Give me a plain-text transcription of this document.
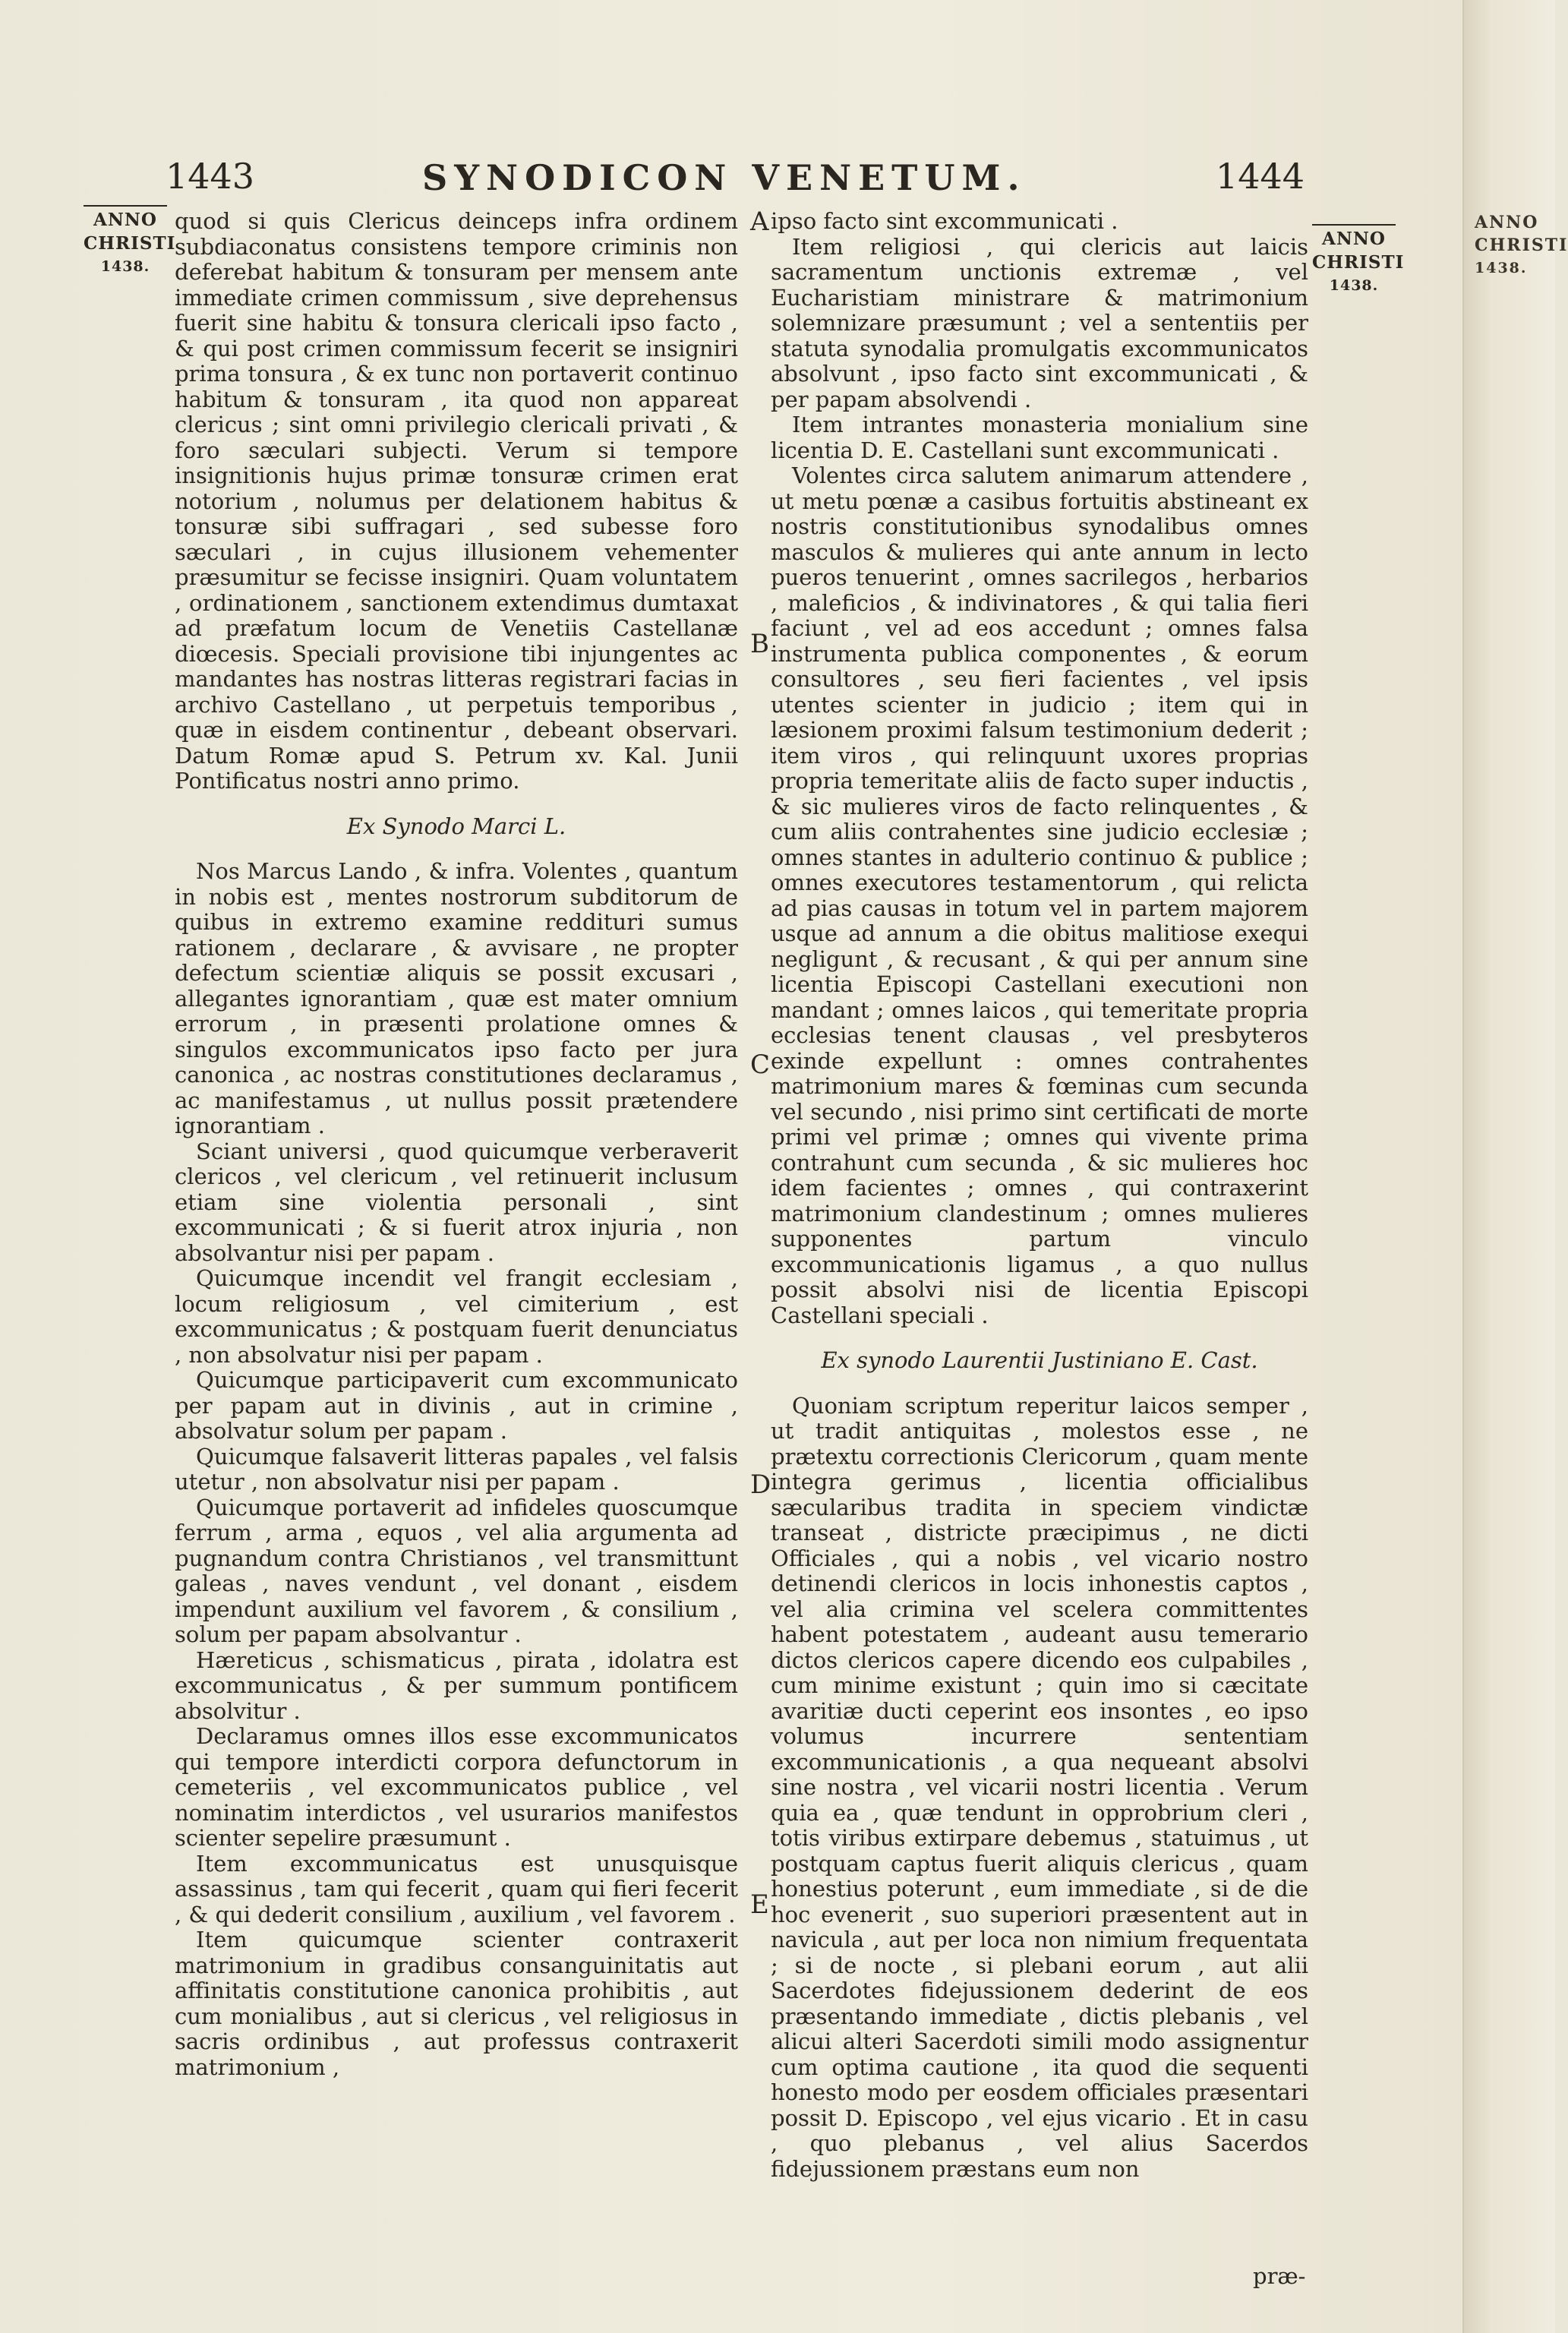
ANNO
CHRISTI
1438.
1443	SYNODICON VENETUM.	1444
ANNO
CHRISTI
1438.
ANNO
CHRISTI
1438.
A
B
C
D
E

quod si quis Clericus deinceps infra ordinem subdiaconatus consistens tempore criminis non deferebat habitum & tonsuram per mensem ante immediate crimen commissum , sive deprehensus fuerit sine habitu & tonsura clericali ipso facto , & qui post crimen commissum fecerit se insigniri prima tonsura , & ex tunc non portaverit continuo habitum & tonsuram , ita quod non appareat clericus ; sint omni privilegio clericali privati , & foro sæculari subjecti. Verum si tempore insignitionis hujus primæ tonsuræ crimen erat notorium , nolumus per delationem habitus & tonsuræ sibi suffragari , sed subesse foro sæculari , in cujus illusionem vehementer præsumitur se fecisse insigniri. Quam voluntatem , ordinationem , sanctionem extendimus dumtaxat ad præfatum locum de Venetiis Castellanæ diœcesis. Speciali provisione tibi injungentes ac mandantes has nostras litteras registrari facias in archivo Castellano , ut perpetuis temporibus , quæ in eisdem continentur , debeant observari. Datum Romæ apud S. Petrum xv. Kal. Junii Pontificatus nostri anno primo.

Ex Synodo Marci L.

Nos Marcus Lando , & infra. Volentes , quantum in nobis est , mentes nostrorum subditorum de quibus in extremo examine reddituri sumus rationem , declarare , & avvisare , ne propter defectum scientiæ aliquis se possit excusari , allegantes ignorantiam , quæ est mater omnium errorum , in præsenti prolatione omnes & singulos excommunicatos ipso facto per jura canonica , ac nostras constitutiones declaramus , ac manifestamus , ut nullus possit prætendere ignorantiam .

Sciant universi , quod quicumque verberaverit clericos , vel clericum , vel retinuerit inclusum etiam sine violentia personali , sint excommunicati ; & si fuerit atrox injuria , non absolvantur nisi per papam .

Quicumque incendit vel frangit ecclesiam , locum religiosum , vel cimiterium , est excommunicatus ; & postquam fuerit denunciatus , non absolvatur nisi per papam .

Quicumque participaverit cum excommunicato per papam aut in divinis , aut in crimine , absolvatur solum per papam .

Quicumque falsaverit litteras papales , vel falsis utetur , non absolvatur nisi per papam .

Quicumque portaverit ad infideles quoscumque ferrum , arma , equos , vel alia argumenta ad pugnandum contra Christianos , vel transmittunt galeas , naves vendunt , vel donant , eisdem impendunt auxilium vel favorem , & consilium , solum per papam absolvantur .

Hæreticus , schismaticus , pirata , idolatra est excommunicatus , & per summum pontificem absolvitur .

Declaramus omnes illos esse excommunicatos qui tempore interdicti corpora defunctorum in cemeteriis , vel excommunicatos publice , vel nominatim interdictos , vel usurarios manifestos scienter sepelire præsumunt .

Item excommunicatus est unusquisque assassinus , tam qui fecerit , quam qui fieri fecerit , & qui dederit consilium , auxilium , vel favorem .

Item quicumque scienter contraxerit matrimonium in gradibus consanguinitatis aut affinitatis constitutione canonica prohibitis , aut cum monialibus , aut si clericus , vel religiosus in sacris ordinibus , aut professus contraxerit matrimonium ,

ipso facto sint excommunicati .

Item religiosi , qui clericis aut laicis sacramentum unctionis extremæ , vel Eucharistiam ministrare & matrimonium solemnizare præsumunt ; vel a sententiis per statuta synodalia promulgatis excommunicatos absolvunt , ipso facto sint excommunicati , & per papam absolvendi .

Item intrantes monasteria monialium sine licentia D. E. Castellani sunt excommunicati .

Volentes circa salutem animarum attendere , ut metu pœnæ a casibus fortuitis abstineant ex nostris constitutionibus synodalibus omnes masculos & mulieres qui ante annum in lecto pueros tenuerint , omnes sacrilegos , herbarios , maleficios , & indivinatores , & qui talia fieri faciunt , vel ad eos accedunt ; omnes falsa instrumenta publica componentes , & eorum consultores , seu fieri facientes , vel ipsis utentes scienter in judicio ; item qui in læsionem proximi falsum testimonium dederit ; item viros , qui relinquunt uxores proprias propria temeritate aliis de facto super inductis , & sic mulieres viros de facto relinquentes , & cum aliis contrahentes sine judicio ecclesiæ ; omnes stantes in adulterio continuo & publice ; omnes executores testamentorum , qui relicta ad pias causas in totum vel in partem majorem usque ad annum a die obitus malitiose exequi negligunt , & recusant , & qui per annum sine licentia Episcopi Castellani executioni non mandant ; omnes laicos , qui temeritate propria ecclesias tenent clausas , vel presbyteros exinde expellunt : omnes contrahentes matrimonium mares & fœminas cum secunda vel secundo , nisi primo sint certificati de morte primi vel primæ ; omnes qui vivente prima contrahunt cum secunda , & sic mulieres hoc idem facientes ; omnes , qui contraxerint matrimonium clandestinum ; omnes mulieres supponentes partum vinculo excommunicationis ligamus , a quo nullus possit absolvi nisi de licentia Episcopi Castellani speciali .

Ex synodo Laurentii Justiniano E. Cast.

Quoniam scriptum reperitur laicos semper , ut tradit antiquitas , molestos esse , ne prætextu correctionis Clericorum , quam mente integra gerimus , licentia officialibus sæcularibus tradita in speciem vindictæ transeat , districte præcipimus , ne dicti Officiales , qui a nobis , vel vicario nostro detinendi clericos in locis inhonestis captos , vel alia crimina vel scelera committentes habent potestatem , audeant ausu temerario dictos clericos capere dicendo eos culpabiles , cum minime existunt ; quin imo si cæcitate avaritiæ ducti ceperint eos insontes , eo ipso volumus incurrere sententiam excommunicationis , a qua nequeant absolvi sine nostra , vel vicarii nostri licentia . Verum quia ea , quæ tendunt in opprobrium cleri , totis viribus extirpare debemus , statuimus , ut postquam captus fuerit aliquis clericus , quam honestius poterunt , eum immediate , si de die hoc evenerit , suo superiori præsentent aut in navicula , aut per loca non nimium frequentata ; si de nocte , si plebani eorum , aut alii Sacerdotes fidejussionem dederint de eos præsentando immediate , dictis plebanis , vel alicui alteri Sacerdoti simili modo assignentur cum optima cautione , ita quod die sequenti honesto modo per eosdem officiales præsentari possit D. Episcopo , vel ejus vicario . Et in casu , quo plebanus , vel alius Sacerdos fidejussionem præstans eum non

præ-
